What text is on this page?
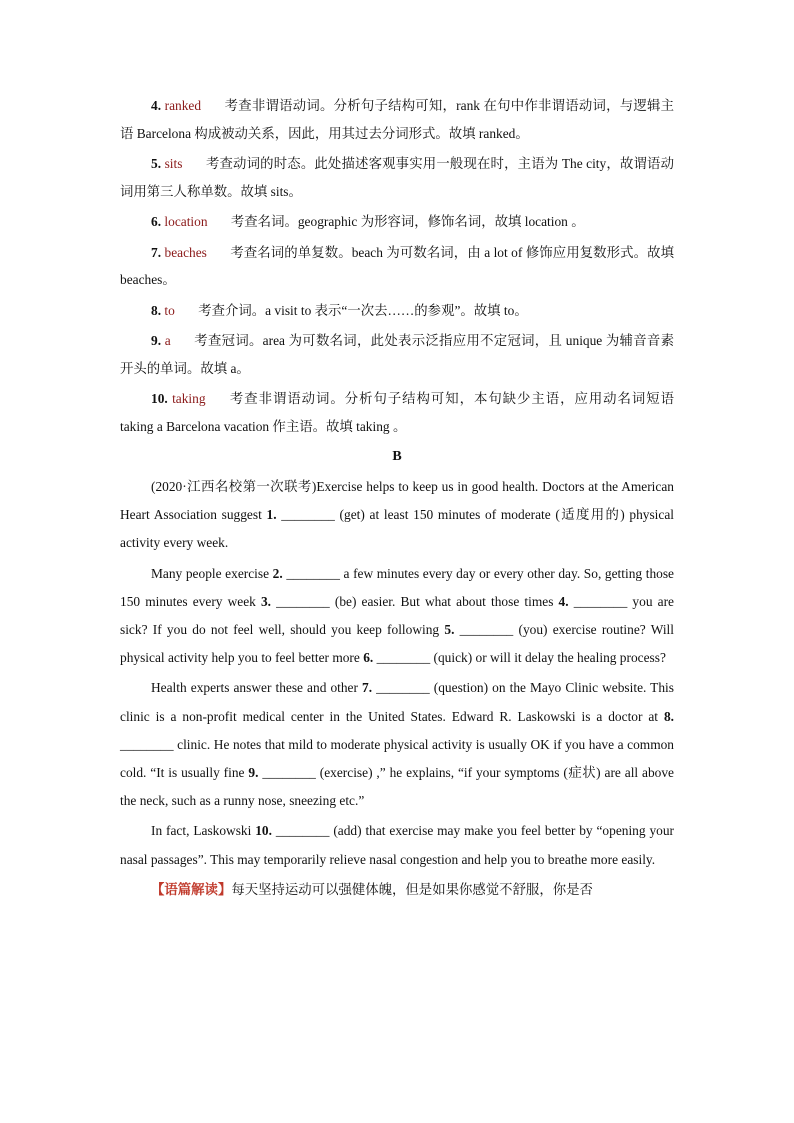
4. ranked 考查非谓语动词。分析句子结构可知，rank 在句中作非谓语动词，与逻辑主语 Barcelona 构成被动关系，因此，用其过去分词形式。故填 ranked。

5. sits 考查动词的时态。此处描述客观事实用一般现在时，主语为 The city，故谓语动词用第三人称单数。故填 sits。

6. location 考查名词。geographic 为形容词，修饰名词，故填 location 。

7. beaches 考查名词的单复数。beach 为可数名词，由 a lot of 修饰应用复数形式。故填 beaches。

8. to 考查介词。a visit to 表示“一次去……的参观”。故填 to。

9. a 考查冠词。area 为可数名词，此处表示泛指应用不定冠词，且 unique 为辅音音素开头的单词。故填 a。

10. taking 考查非谓语动词。分析句子结构可知，本句缺少主语，应用动名词短语 taking a Barcelona vacation 作主语。故填 taking 。

B

(2020·江西名校第一次联考)Exercise helps to keep us in good health. Doctors at the American Heart Association suggest 1. ________ (get) at least 150 minutes of moderate (适度用的) physical activity every week.

Many people exercise 2. ________ a few minutes every day or every other day. So, getting those 150 minutes every week 3. ________ (be) easier. But what about those times 4. ________ you are sick? If you do not feel well, should you keep following 5. ________ (you) exercise routine? Will physical activity help you to feel better more 6. ________ (quick) or will it delay the healing process?

Health experts answer these and other 7. ________ (question) on the Mayo Clinic website. This clinic is a non-profit medical center in the United States. Edward R. Laskowski is a doctor at 8. ________ clinic. He notes that mild to moderate physical activity is usually OK if you have a common cold. “It is usually fine 9. ________ (exercise) ,” he explains, “if your symptoms (症状) are all above the neck, such as a runny nose, sneezing etc.”

In fact, Laskowski 10. ________ (add) that exercise may make you feel better by “opening your nasal passages”. This may temporarily relieve nasal congestion and help you to breathe more easily.

【语篇解读】每天坚持运动可以强健体魄，但是如果你感觉不舒服，你是否
